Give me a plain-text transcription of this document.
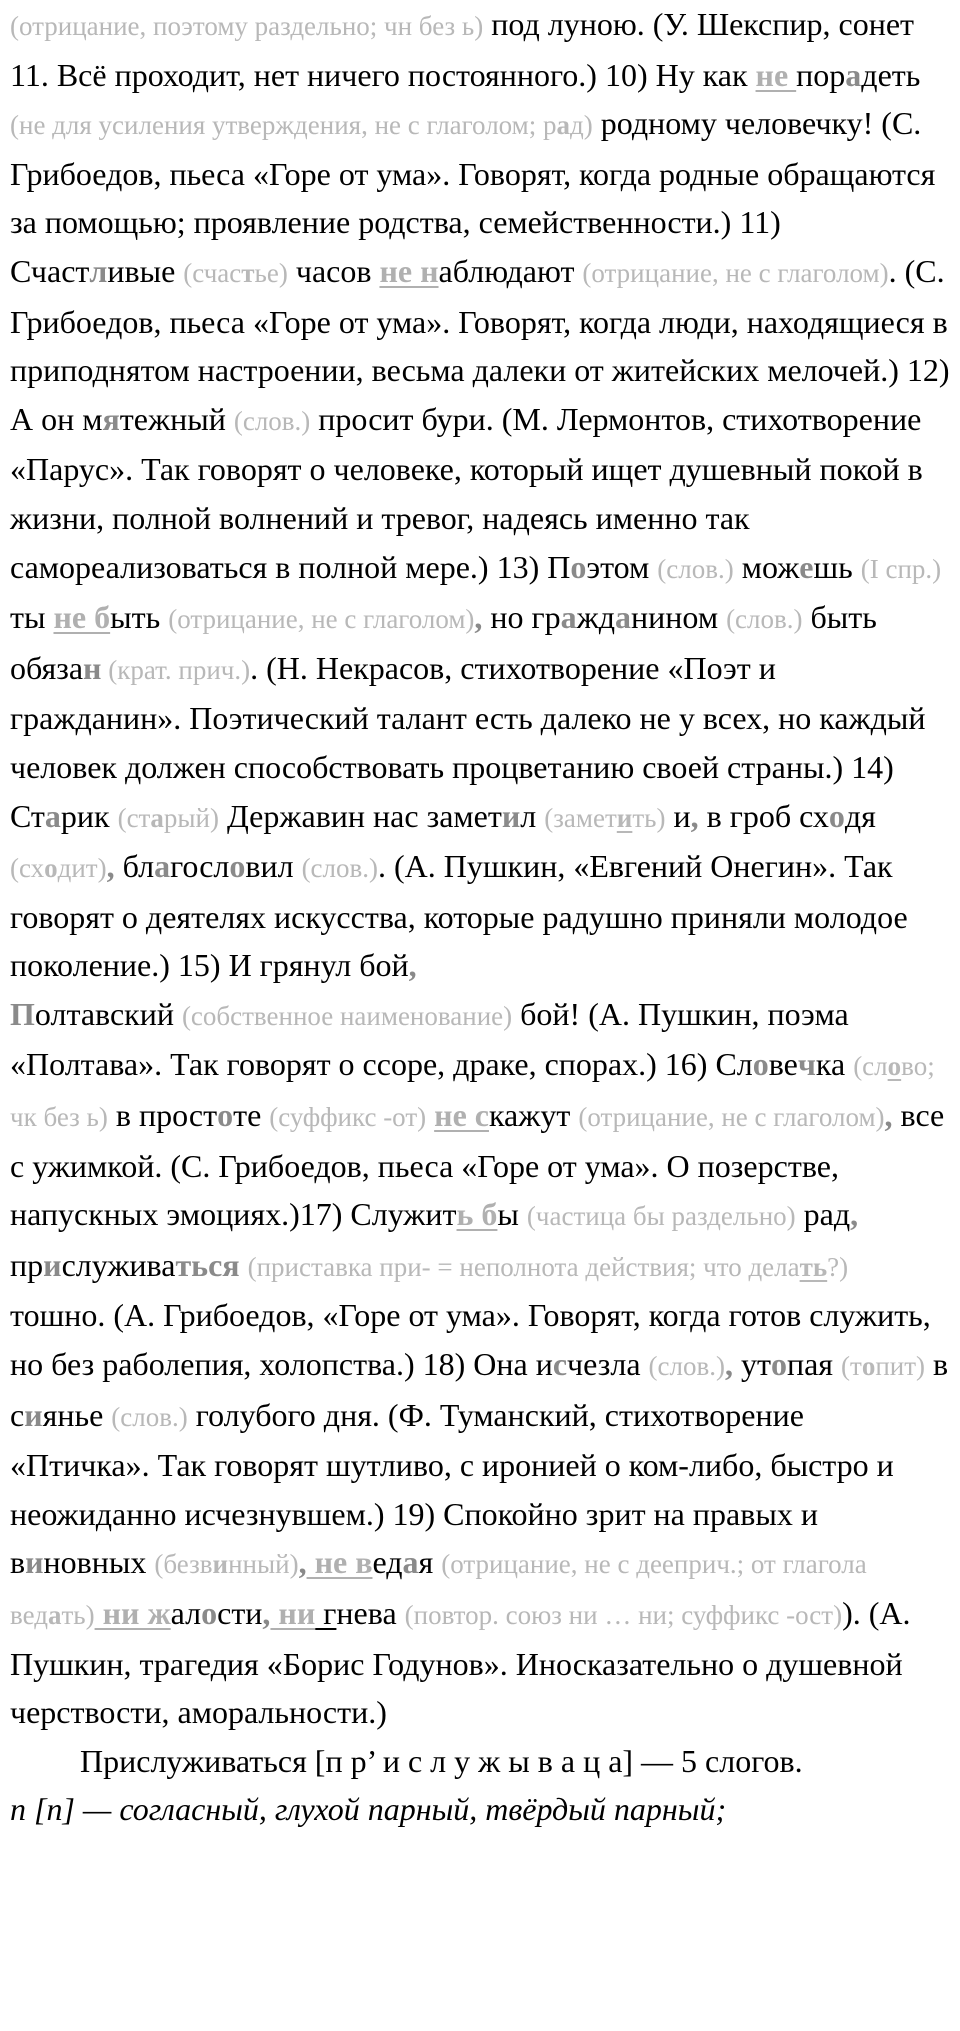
(отрицание, поэтому раздельно; чн без ь) под луною. (У. Шекспир, сонет 11. Всё проходит, нет ничего постоянного.) 10) Ну как не порадеть (не для усиления утверждения, не с глаголом; рад) родному человечку! (С. Грибоедов, пьеса «Горе от ума». Говорят, когда родные обращаются за помощью; проявление родства, семейственности.) 11) Счастливые (счастье) часов не наблюдают (отрицание, не с глаголом). (С. Грибоедов, пьеса «Горе от ума». Говорят, когда люди, находящиеся в приподнятом настроении, весьма далеки от житейских мелочей.) 12) А он мятежный (слов.) просит бури. (М. Лермонтов, стихотворение «Парус». Так говорят о человеке, который ищет душевный покой в жизни, полной волнений и тревог, надеясь именно так самореализоваться в полной мере.) 13) Поэтом (слов.) можешь (I спр.) ты не быть (отрицание, не с глаголом), но гражданином (слов.) быть обязан (крат. прич.). (Н. Некрасов, стихотворение «Поэт и гражданин». Поэтический талант есть далеко не у всех, но каждый человек должен способствовать процветанию своей страны.) 14) Старик (старый) Державин нас заметил (заметить) и, в гроб сходя (сходит), благословил (слов.). (А. Пушкин, «Евгений Онегин». Так говорят о деятелях искусства, которые радушно приняли молодое поколение.) 15) И грянул бой,
Полтавский (собственное наименование) бой! (А. Пушкин, поэма «Полтава». Так говорят о ссоре, драке, спорах.) 16) Словечка (слово; чк без ь) в простоте (суффикс -от) не скажут (отрицание, не с глаголом), все с ужимкой. (С. Грибоедов, пьеса «Горе от ума». О позерстве, напускных эмоциях.)17) Служить бы (частица бы раздельно) рад, прислуживаться (приставка при- = неполнота действия; что делать?) тошно. (А. Грибоедов, «Горе от ума». Говорят, когда готов служить, но без раболепия, холопства.) 18) Она исчезла (слов.), утопая (топит) в сиянье (слов.) голубого дня. (Ф. Туманский, стихотворение «Птичка». Так говорят шутливо, с иронией о ком-либо, быстро и неожиданно исчезнувшем.) 19) Спокойно зрит на правых и виновных (безвинный), не ведая (отрицание, не с деeприч.; от глагола ведать) ни жалости, ни гнева (повтор. союз ни … ни; суффикс -ост)). (А. Пушкин, трагедия «Борис Годунов». Иносказательно о душевной черствости, аморальности.)

Прислуживаться [п р’ и с л у ж ы в а ц а] — 5 слогов.

п [п] — согласный, глухой парный, твёрдый парный;
